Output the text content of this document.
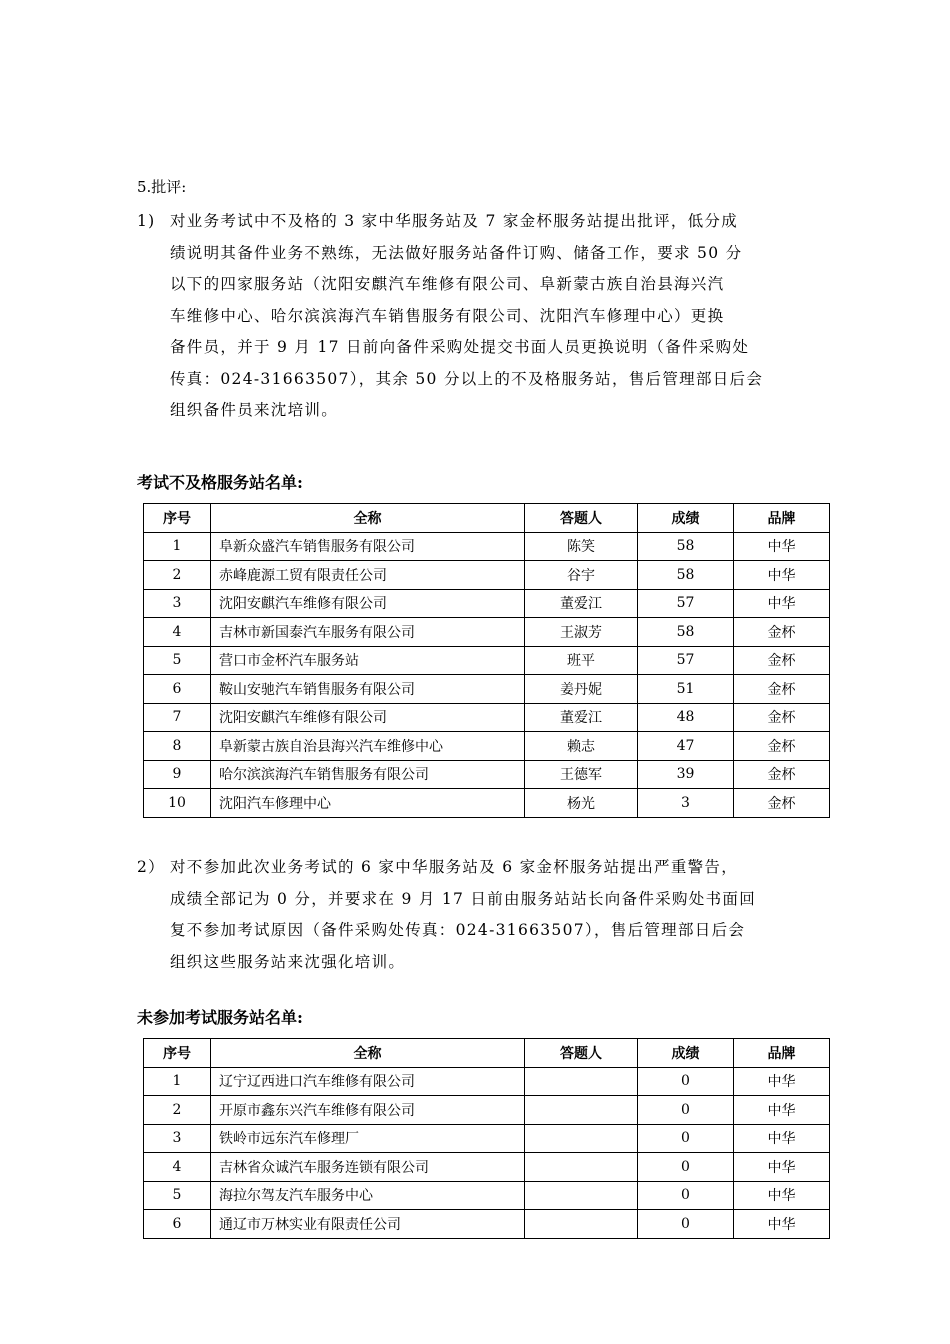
5.批评:
1) 对业务考试中不及格的 3 家中华服务站及 7 家金杯服务站提出批评，低分成
绩说明其备件业务不熟练，无法做好服务站备件订购、储备工作，要求 50 分
以下的四家服务站（沈阳安麒汽车维修有限公司、阜新蒙古族自治县海兴汽
车维修中心、哈尔滨滨海汽车销售服务有限公司、沈阳汽车修理中心）更换
备件员，并于 9 月 17 日前向备件采购处提交书面人员更换说明（备件采购处
传真：024-31663507），其余 50 分以上的不及格服务站，售后管理部日后会
组织备件员来沈培训。
考试不及格服务站名单:
序号	全称	答题人	成绩	品牌
1	阜新众盛汽车销售服务有限公司	陈笑	58	中华
2	赤峰鹿源工贸有限责任公司	谷宇	58	中华
3	沈阳安麒汽车维修有限公司	董爱江	57	中华
4	吉林市新国泰汽车服务有限公司	王淑芳	58	金杯
5	营口市金杯汽车服务站	班平	57	金杯
6	鞍山安驰汽车销售服务有限公司	姜丹妮	51	金杯
7	沈阳安麒汽车维修有限公司	董爱江	48	金杯
8	阜新蒙古族自治县海兴汽车维修中心	赖志	47	金杯
9	哈尔滨滨海汽车销售服务有限公司	王德军	39	金杯
10	沈阳汽车修理中心	杨光	3	金杯
2） 对不参加此次业务考试的 6 家中华服务站及 6 家金杯服务站提出严重警告，
成绩全部记为 0 分，并要求在 9 月 17 日前由服务站站长向备件采购处书面回
复不参加考试原因（备件采购处传真：024-31663507），售后管理部日后会
组织这些服务站来沈强化培训。
未参加考试服务站名单:
序号	全称	答题人	成绩	品牌
1	辽宁辽西进口汽车维修有限公司		0	中华
2	开原市鑫东兴汽车维修有限公司		0	中华
3	铁岭市远东汽车修理厂		0	中华
4	吉林省众诚汽车服务连锁有限公司		0	中华
5	海拉尔驾友汽车服务中心		0	中华
6	通辽市万林实业有限责任公司		0	中华
